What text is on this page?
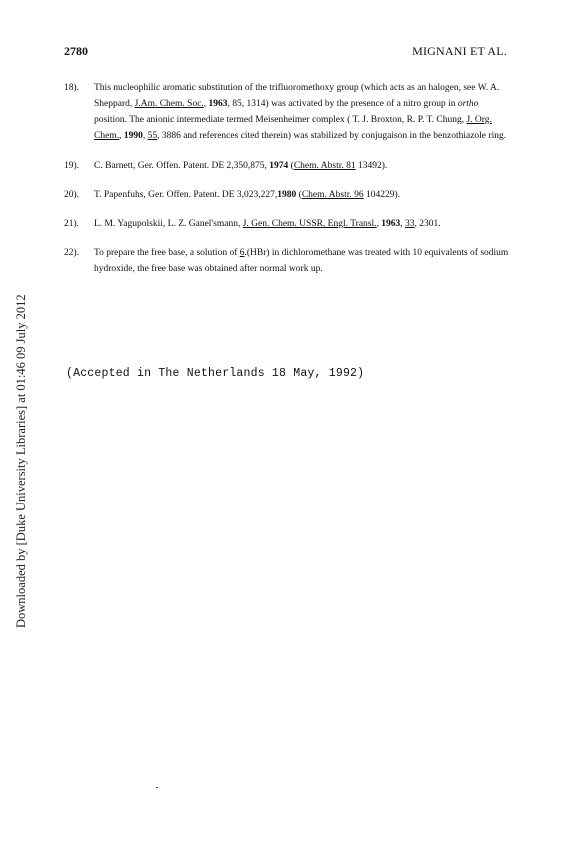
2780	MIGNANI ET AL.
18).	This nucleophilic aromatic substitution of the trifluoromethoxy group (which acts as an halogen, see W. A. Sheppard, J.Am. Chem. Soc., 1963, 85, 1314) was activated by the presence of a nitro group in ortho position. The anionic intermediate termed Meisenheimer complex ( T. J. Broxton, R. P. T. Chung, J. Org. Chem., 1990, 55, 3886 and references cited therein) was stabilized by conjugaison in the benzothiazole ring.
19).	C. Barnett, Ger. Offen. Patent. DE 2,350,875, 1974 (Chem. Abstr. 81 13492).
20).	T. Papenfuhs, Ger. Offen. Patent. DE 3,023,227,1980 (Chem. Abstr. 96 104229).
21).	L. M. Yagupolskii, L. Z. Ganel'smann, J. Gen. Chem. USSR, Engl. Transl., 1963, 33, 2301.
22).	To prepare the free base, a solution of 6.(HBr) in dichloromethane was treated with 10 equivalents of sodium hydroxide, the free base was obtained after normal work up.
(Accepted in The Netherlands 18 May, 1992)
Downloaded by [Duke University Libraries] at 01:46 09 July 2012
